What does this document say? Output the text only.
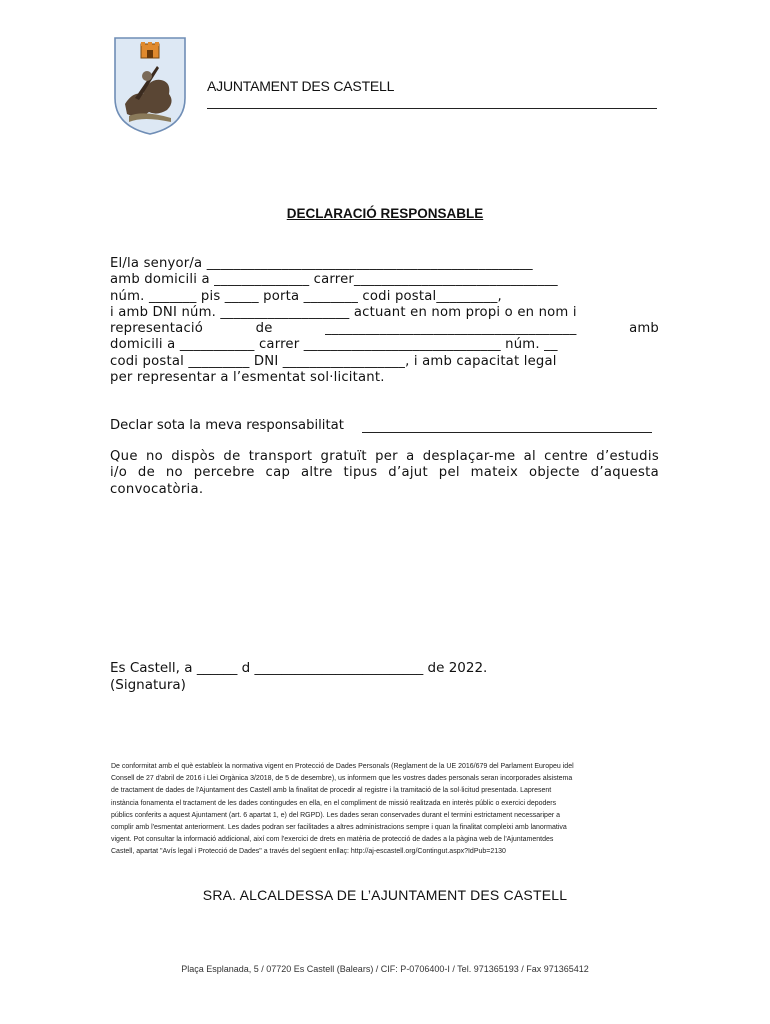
AJUNTAMENT DES CASTELL
DECLARACIÓ RESPONSABLE
El/la senyor/a ________________________________________________
amb domicili a ______________ carrer______________________________
núm. _______ pis _____ porta ________ codi postal_________,
i amb DNI núm. ___________________ actuant en nom propi o en nom i
representació	de	_____________________________________	amb
domicili a ___________ carrer _____________________________ núm. __
codi postal _________ DNI __________________, i amb capacitat legal
per representar a l’esmentat sol·licitant.
Declar sota la meva responsabilitat
Que no dispòs de transport gratuït per a desplaçar-me al centre d’estudis
i/o de no percebre cap altre tipus d’ajut pel mateix objecte d’aquesta
convocatòria.
Es Castell, a ______ d _________________________ de 2022.
(Signatura)
De conformitat amb el què estableix la normativa vigent en Protecció de Dades Personals (Reglament de la UE 2016/679 del Parlament Europeu idel
Consell de 27 d'abril de 2016 i Llei Orgànica 3/2018, de 5 de desembre), us informem que les vostres dades personals seran incorporades alsistema
de tractament de dades de l'Ajuntament des Castell amb la finalitat de procedir al registre i la tramitació de la sol·licitud presentada. Lapresent
instància fonamenta el tractament de les dades contingudes en ella, en el compliment de missió realitzada en interès públic o exercici depoders
públics conferits a aquest Ajuntament (art. 6 apartat 1, e) del RGPD). Les dades seran conservades durant el termini estrictament necessariper a
complir amb l'esmentat anteriorment. Les dades podran ser facilitades a altres administracions sempre i quan la finalitat compleixi amb lanormativa
vigent. Pot consultar la informació addicional, així com l'exercici de drets en matèria de protecció de dades a la pàgina web de l'Ajuntamentdes
Castell, apartat "Avís legal i Protecció de Dades" a través del següent enllaç: http://aj-escastell.org/Contingut.aspx?IdPub=2130
SRA. ALCALDESSA DE L’AJUNTAMENT DES CASTELL
Plaça Esplanada, 5 / 07720 Es Castell (Balears) / CIF: P-0706400-I / Tel. 971365193 / Fax 971365412
